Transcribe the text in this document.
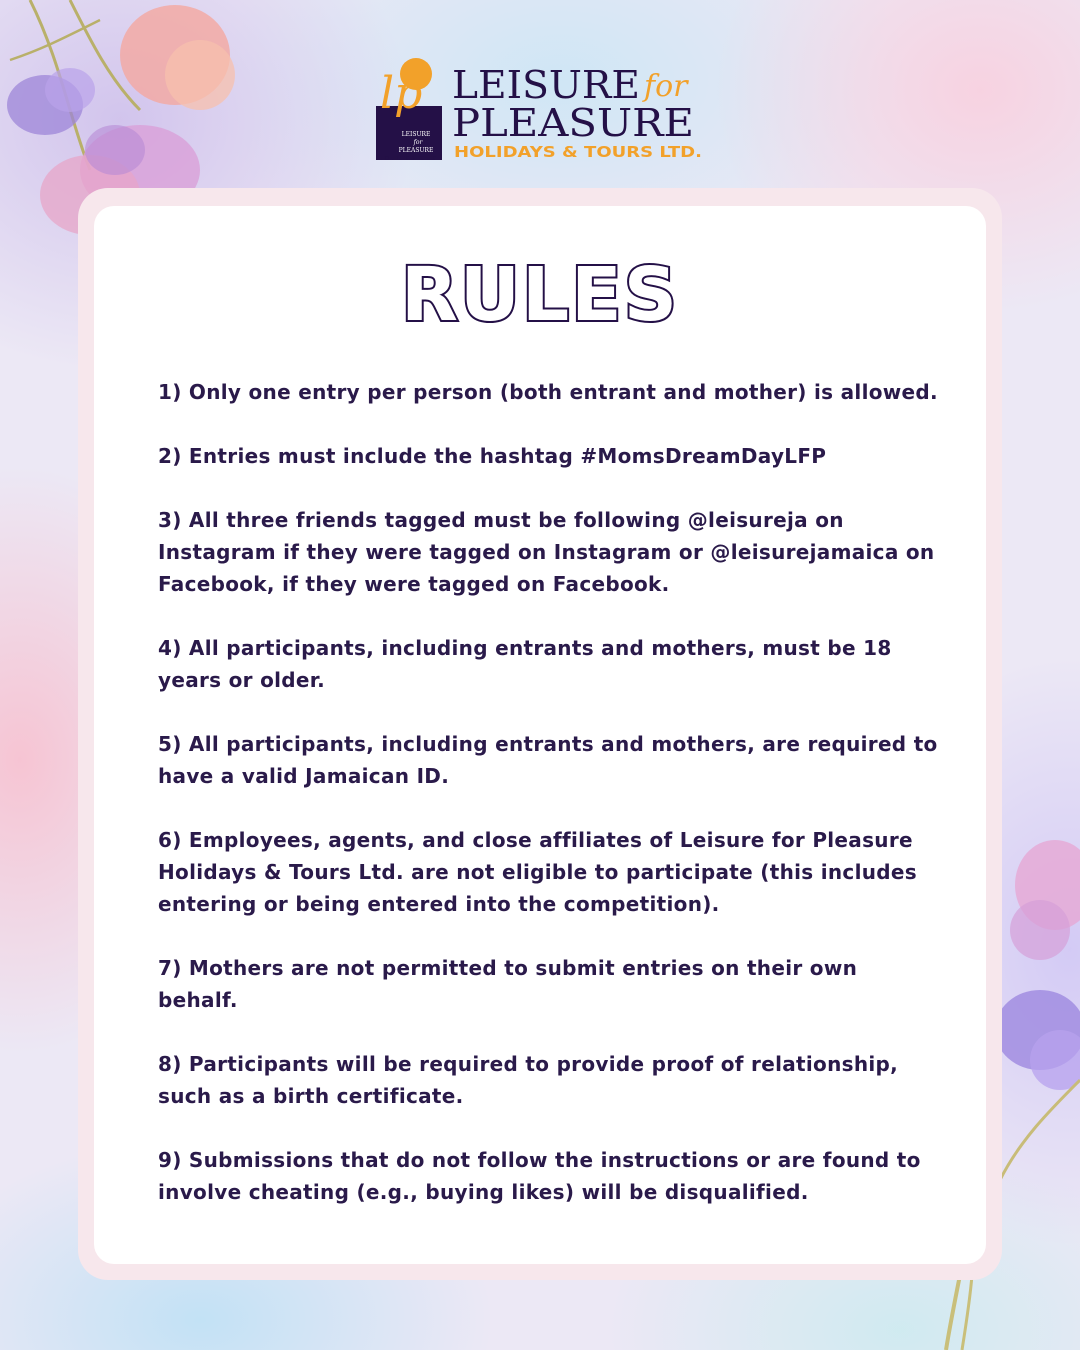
lp
LEISURE
for
PLEASURE
HOLIDAYS & TOURS
LEISURE for
PLEASURE
HOLIDAYS & TOURS LTD.
RULES
1) Only one entry per person (both entrant and mother) is allowed.
2) Entries must include the hashtag #MomsDreamDayLFP
3) All three friends tagged must be following @leisureja on Instagram if they were tagged on Instagram or @leisurejamaica on Facebook, if they were tagged on Facebook.
4) All participants, including entrants and mothers, must be 18 years or older.
5) All participants, including entrants and mothers, are required to have a valid Jamaican ID.
6) Employees, agents, and close affiliates of Leisure for Pleasure Holidays & Tours Ltd. are not eligible to participate (this includes entering or being entered into the competition).
7) Mothers are not permitted to submit entries on their own behalf.
8) Participants will be required to provide proof of relationship, such as a birth certificate.
9) Submissions that do not follow the instructions or are found to involve cheating (e.g., buying likes) will be disqualified.
